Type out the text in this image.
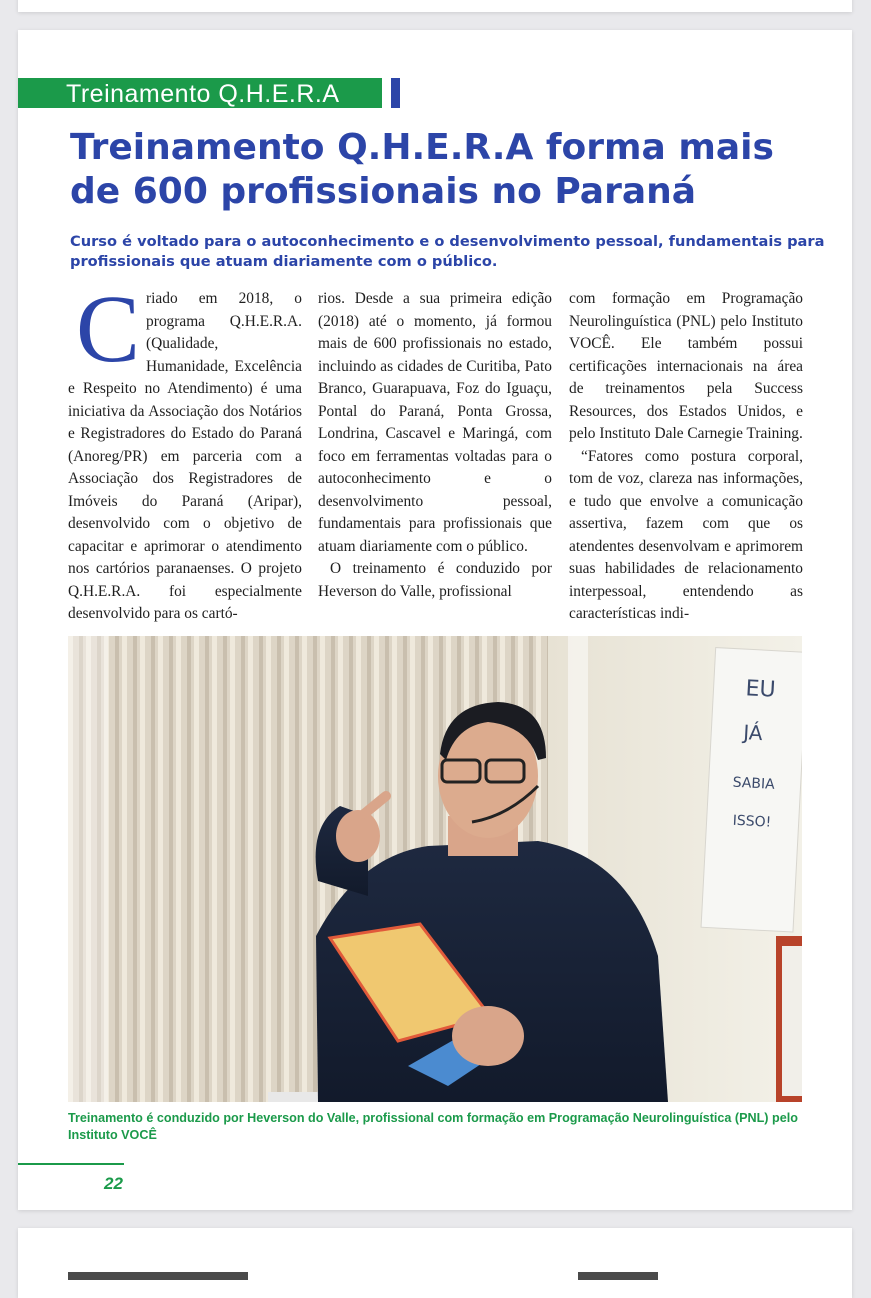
Treinamento Q.H.E.R.A
Treinamento Q.H.E.R.A forma mais de 600 profissionais no Paraná

Curso é voltado para o autoconhecimento e o desenvolvimento pessoal, fundamentais para profissionais que atuam diariamente com o público.

Criado em 2018, o programa Q.H.E.R.A. (Qualidade, Humanidade, Excelência e Respeito no Atendimento) é uma iniciativa da Associação dos Notários e Registradores do Estado do Paraná (Anoreg/PR) em parceria com a Associação dos Registradores de Imóveis do Paraná (Aripar), desenvolvido com o objetivo de capacitar e aprimorar o atendimento nos cartórios paranaenses. O projeto Q.H.E.R.A. foi especialmente desenvolvido para os cartó-

rios. Desde a sua primeira edição (2018) até o momento, já formou mais de 600 profissionais no estado, incluindo as cidades de Curitiba, Pato Branco, Guarapuava, Foz do Iguaçu, Pontal do Paraná, Ponta Grossa, Londrina, Cascavel e Maringá, com foco em ferramentas voltadas para o autoconhecimento e o desenvolvimento pessoal, fundamentais para profissionais que atuam diariamente com o público.

O treinamento é conduzido por Heverson do Valle, profissional

com formação em Programação Neurolinguística (PNL) pelo Instituto VOCÊ. Ele também possui certificações internacionais na área de treinamentos pela Success Resources, dos Estados Unidos, e pelo Instituto Dale Carnegie Training.

“Fatores como postura corporal, tom de voz, clareza nas informações, e tudo que envolve a comunicação assertiva, fazem com que os atendentes desenvolvam e aprimorem suas habilidades de relacionamento interpessoal, entendendo as características indi-

EU
JÁ
SABIA
ISSO!

Treinamento é conduzido por Heverson do Valle, profissional com formação em Programação Neurolinguística (PNL) pelo Instituto VOCÊ

22
